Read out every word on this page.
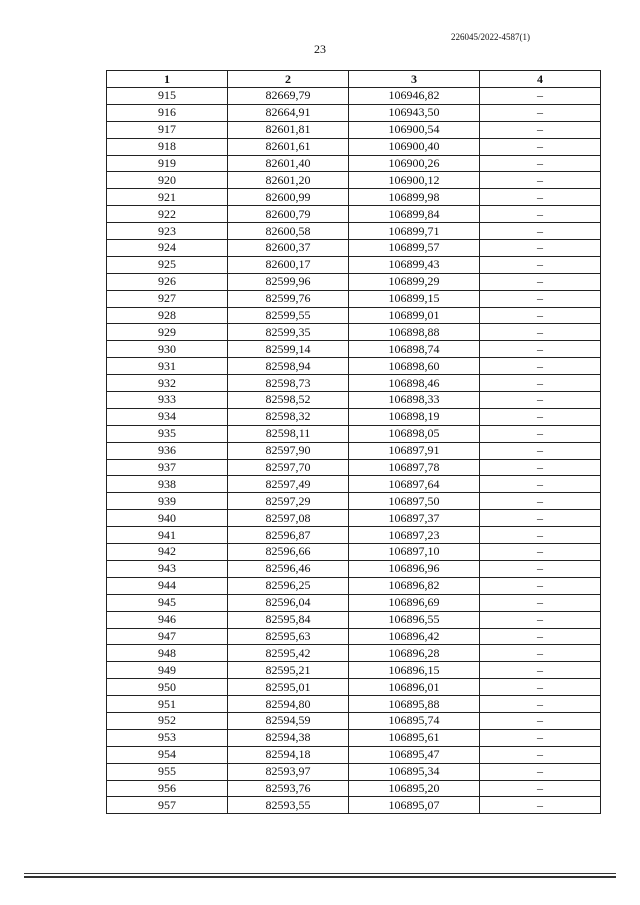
226045/2022-4587(1)
23
1	2	3	4
915	82669,79	106946,82	–
916	82664,91	106943,50	–
917	82601,81	106900,54	–
918	82601,61	106900,40	–
919	82601,40	106900,26	–
920	82601,20	106900,12	–
921	82600,99	106899,98	–
922	82600,79	106899,84	–
923	82600,58	106899,71	–
924	82600,37	106899,57	–
925	82600,17	106899,43	–
926	82599,96	106899,29	–
927	82599,76	106899,15	–
928	82599,55	106899,01	–
929	82599,35	106898,88	–
930	82599,14	106898,74	–
931	82598,94	106898,60	–
932	82598,73	106898,46	–
933	82598,52	106898,33	–
934	82598,32	106898,19	–
935	82598,11	106898,05	–
936	82597,90	106897,91	–
937	82597,70	106897,78	–
938	82597,49	106897,64	–
939	82597,29	106897,50	–
940	82597,08	106897,37	–
941	82596,87	106897,23	–
942	82596,66	106897,10	–
943	82596,46	106896,96	–
944	82596,25	106896,82	–
945	82596,04	106896,69	–
946	82595,84	106896,55	–
947	82595,63	106896,42	–
948	82595,42	106896,28	–
949	82595,21	106896,15	–
950	82595,01	106896,01	–
951	82594,80	106895,88	–
952	82594,59	106895,74	–
953	82594,38	106895,61	–
954	82594,18	106895,47	–
955	82593,97	106895,34	–
956	82593,76	106895,20	–
957	82593,55	106895,07	–
